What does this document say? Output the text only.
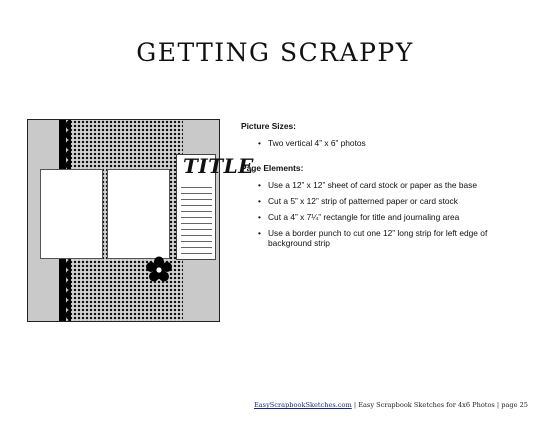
GETTING SCRAPPY
TITLE
Picture Sizes:
• Two vertical 4” x 6” photos
Page Elements:
• Use a 12” x 12” sheet of card stock or paper as the base
• Cut a 5” x 12” strip of patterned paper or card stock
• Cut a 4” x 7¼” rectangle for title and journaling area
• Use a border punch to cut one 12” long strip for left edge of background strip
EasyScrapbookSketches.com | Easy Scrapbook Sketches for 4x6 Photos | page 25
